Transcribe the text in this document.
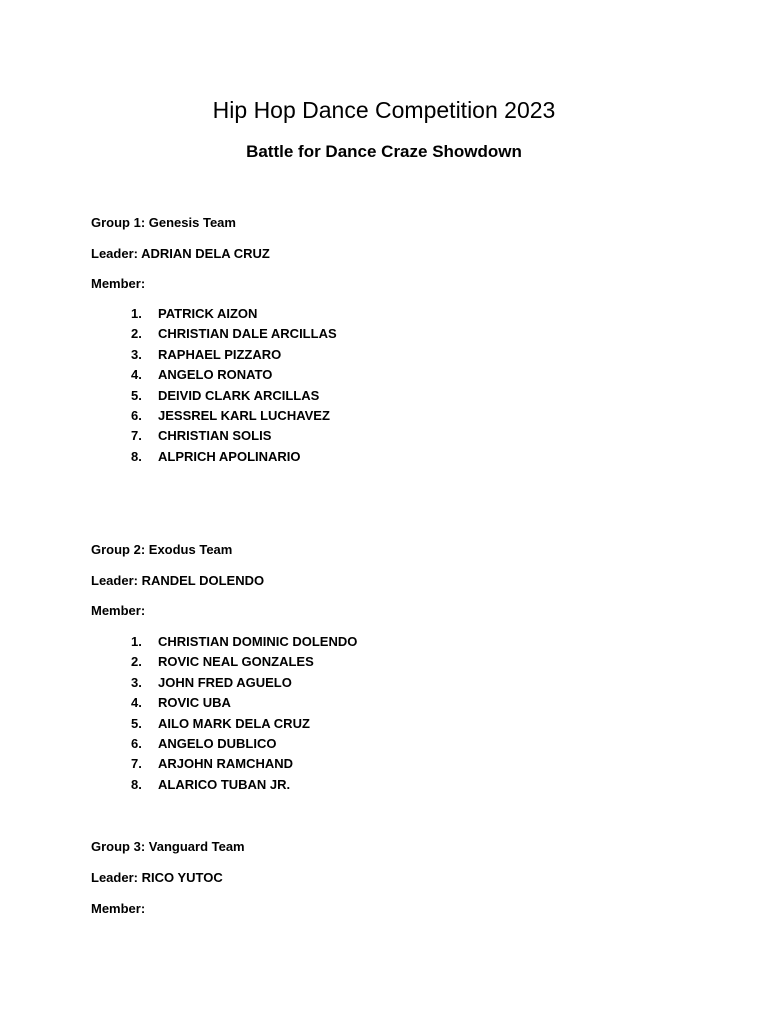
Hip Hop Dance Competition 2023
Battle for Dance Craze Showdown
Group 1: Genesis Team
Leader: ADRIAN DELA CRUZ
Member:
1.	PATRICK AIZON
2.	CHRISTIAN DALE ARCILLAS
3.	RAPHAEL PIZZARO
4.	ANGELO RONATO
5.	DEIVID CLARK ARCILLAS
6.	JESSREL KARL LUCHAVEZ
7.	CHRISTIAN SOLIS
8.	ALPRICH APOLINARIO
Group 2: Exodus Team
Leader: RANDEL DOLENDO
Member:
1.	CHRISTIAN DOMINIC DOLENDO
2.	ROVIC NEAL GONZALES
3.	JOHN FRED AGUELO
4.	ROVIC UBA
5.	AILO MARK DELA CRUZ
6.	ANGELO DUBLICO
7.	ARJOHN RAMCHAND
8.	ALARICO TUBAN JR.
Group 3: Vanguard Team
Leader: RICO YUTOC
Member:
